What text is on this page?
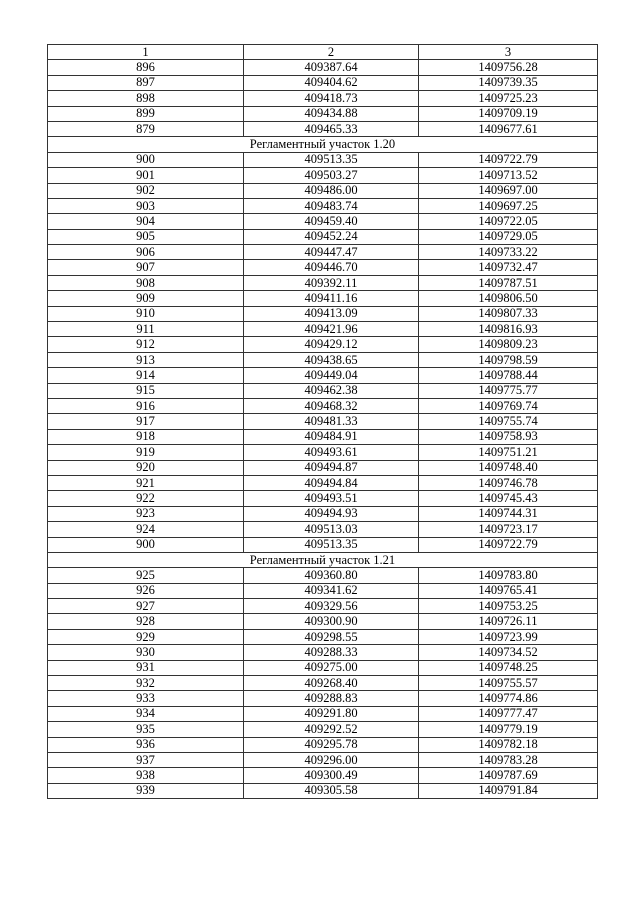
1	2	3
896	409387.64	1409756.28
897	409404.62	1409739.35
898	409418.73	1409725.23
899	409434.88	1409709.19
879	409465.33	1409677.61
Регламентный участок 1.20		
900	409513.35	1409722.79
901	409503.27	1409713.52
902	409486.00	1409697.00
903	409483.74	1409697.25
904	409459.40	1409722.05
905	409452.24	1409729.05
906	409447.47	1409733.22
907	409446.70	1409732.47
908	409392.11	1409787.51
909	409411.16	1409806.50
910	409413.09	1409807.33
911	409421.96	1409816.93
912	409429.12	1409809.23
913	409438.65	1409798.59
914	409449.04	1409788.44
915	409462.38	1409775.77
916	409468.32	1409769.74
917	409481.33	1409755.74
918	409484.91	1409758.93
919	409493.61	1409751.21
920	409494.87	1409748.40
921	409494.84	1409746.78
922	409493.51	1409745.43
923	409494.93	1409744.31
924	409513.03	1409723.17
900	409513.35	1409722.79
Регламентный участок 1.21		
925	409360.80	1409783.80
926	409341.62	1409765.41
927	409329.56	1409753.25
928	409300.90	1409726.11
929	409298.55	1409723.99
930	409288.33	1409734.52
931	409275.00	1409748.25
932	409268.40	1409755.57
933	409288.83	1409774.86
934	409291.80	1409777.47
935	409292.52	1409779.19
936	409295.78	1409782.18
937	409296.00	1409783.28
938	409300.49	1409787.69
939	409305.58	1409791.84
